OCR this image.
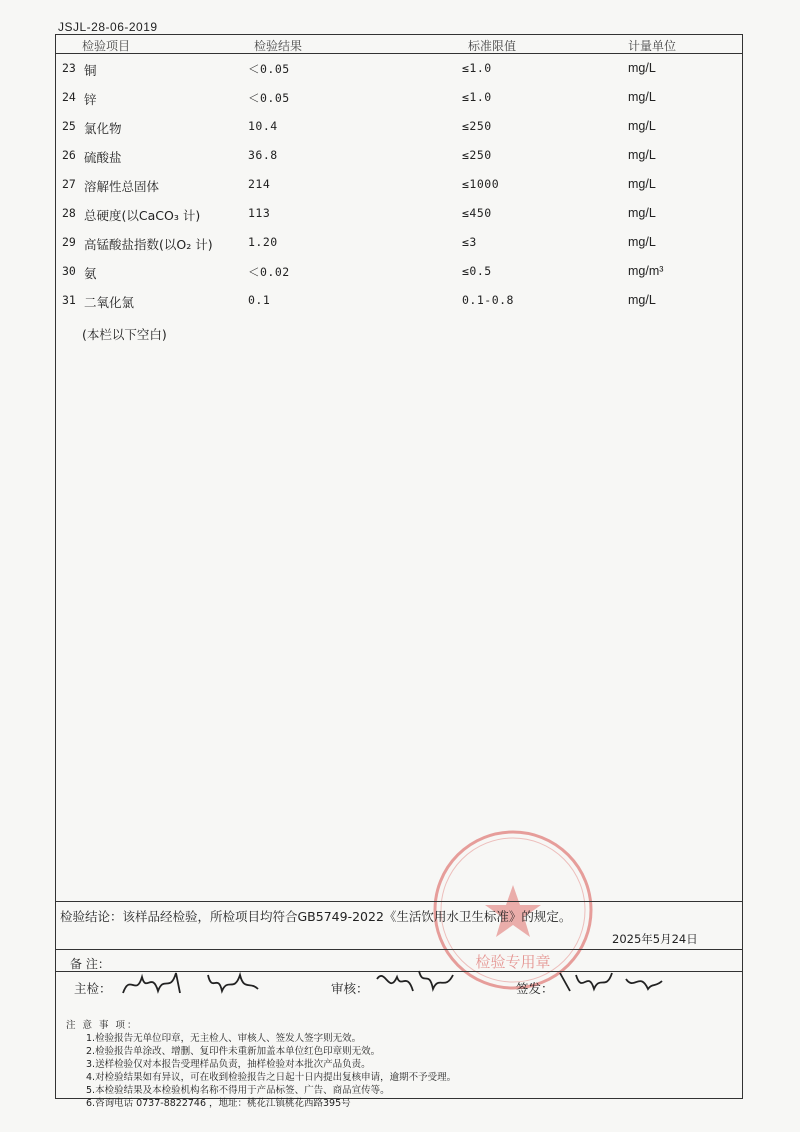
JSJL-28-06-2019
检验项目	检验结果	标准限值	计量单位
23 铜	＜0.05	≤1.0	mg/L
24 锌	＜0.05	≤1.0	mg/L
25 氯化物	10.4	≤250	mg/L
26 硫酸盐	36.8	≤250	mg/L
27 溶解性总固体	214	≤1000	mg/L
28 总硬度(以CaCO₃ 计)	113	≤450	mg/L
29 高锰酸盐指数(以O₂ 计)	1.20	≤3	mg/L
30 氨	＜0.02	≤0.5	mg/m³
31 二氧化氯	0.1	0.1-0.8	mg/L
(本栏以下空白)
检验专用章
检验结论：该样品经检验，所检项目均符合GB5749-2022《生活饮用水卫生标准》的规定。
2025年5月24日
备 注：
主检：	审核：	签发：
注 意 事 项：
1.检验报告无单位印章，无主检人、审核人、签发人签字则无效。
2.检验报告单涂改、增删、复印件未重新加盖本单位红色印章则无效。
3.送样检验仅对本报告受理样品负责，抽样检验对本批次产品负责。
4.对检验结果如有异议，可在收到检验报告之日起十日内提出复核申请，逾期不予受理。
5.本检验结果及本检验机构名称不得用于产品标签、广告、商品宣传等。
6.咨询电话 0737-8822746 ，地址：桃花江镇桃花西路395号
